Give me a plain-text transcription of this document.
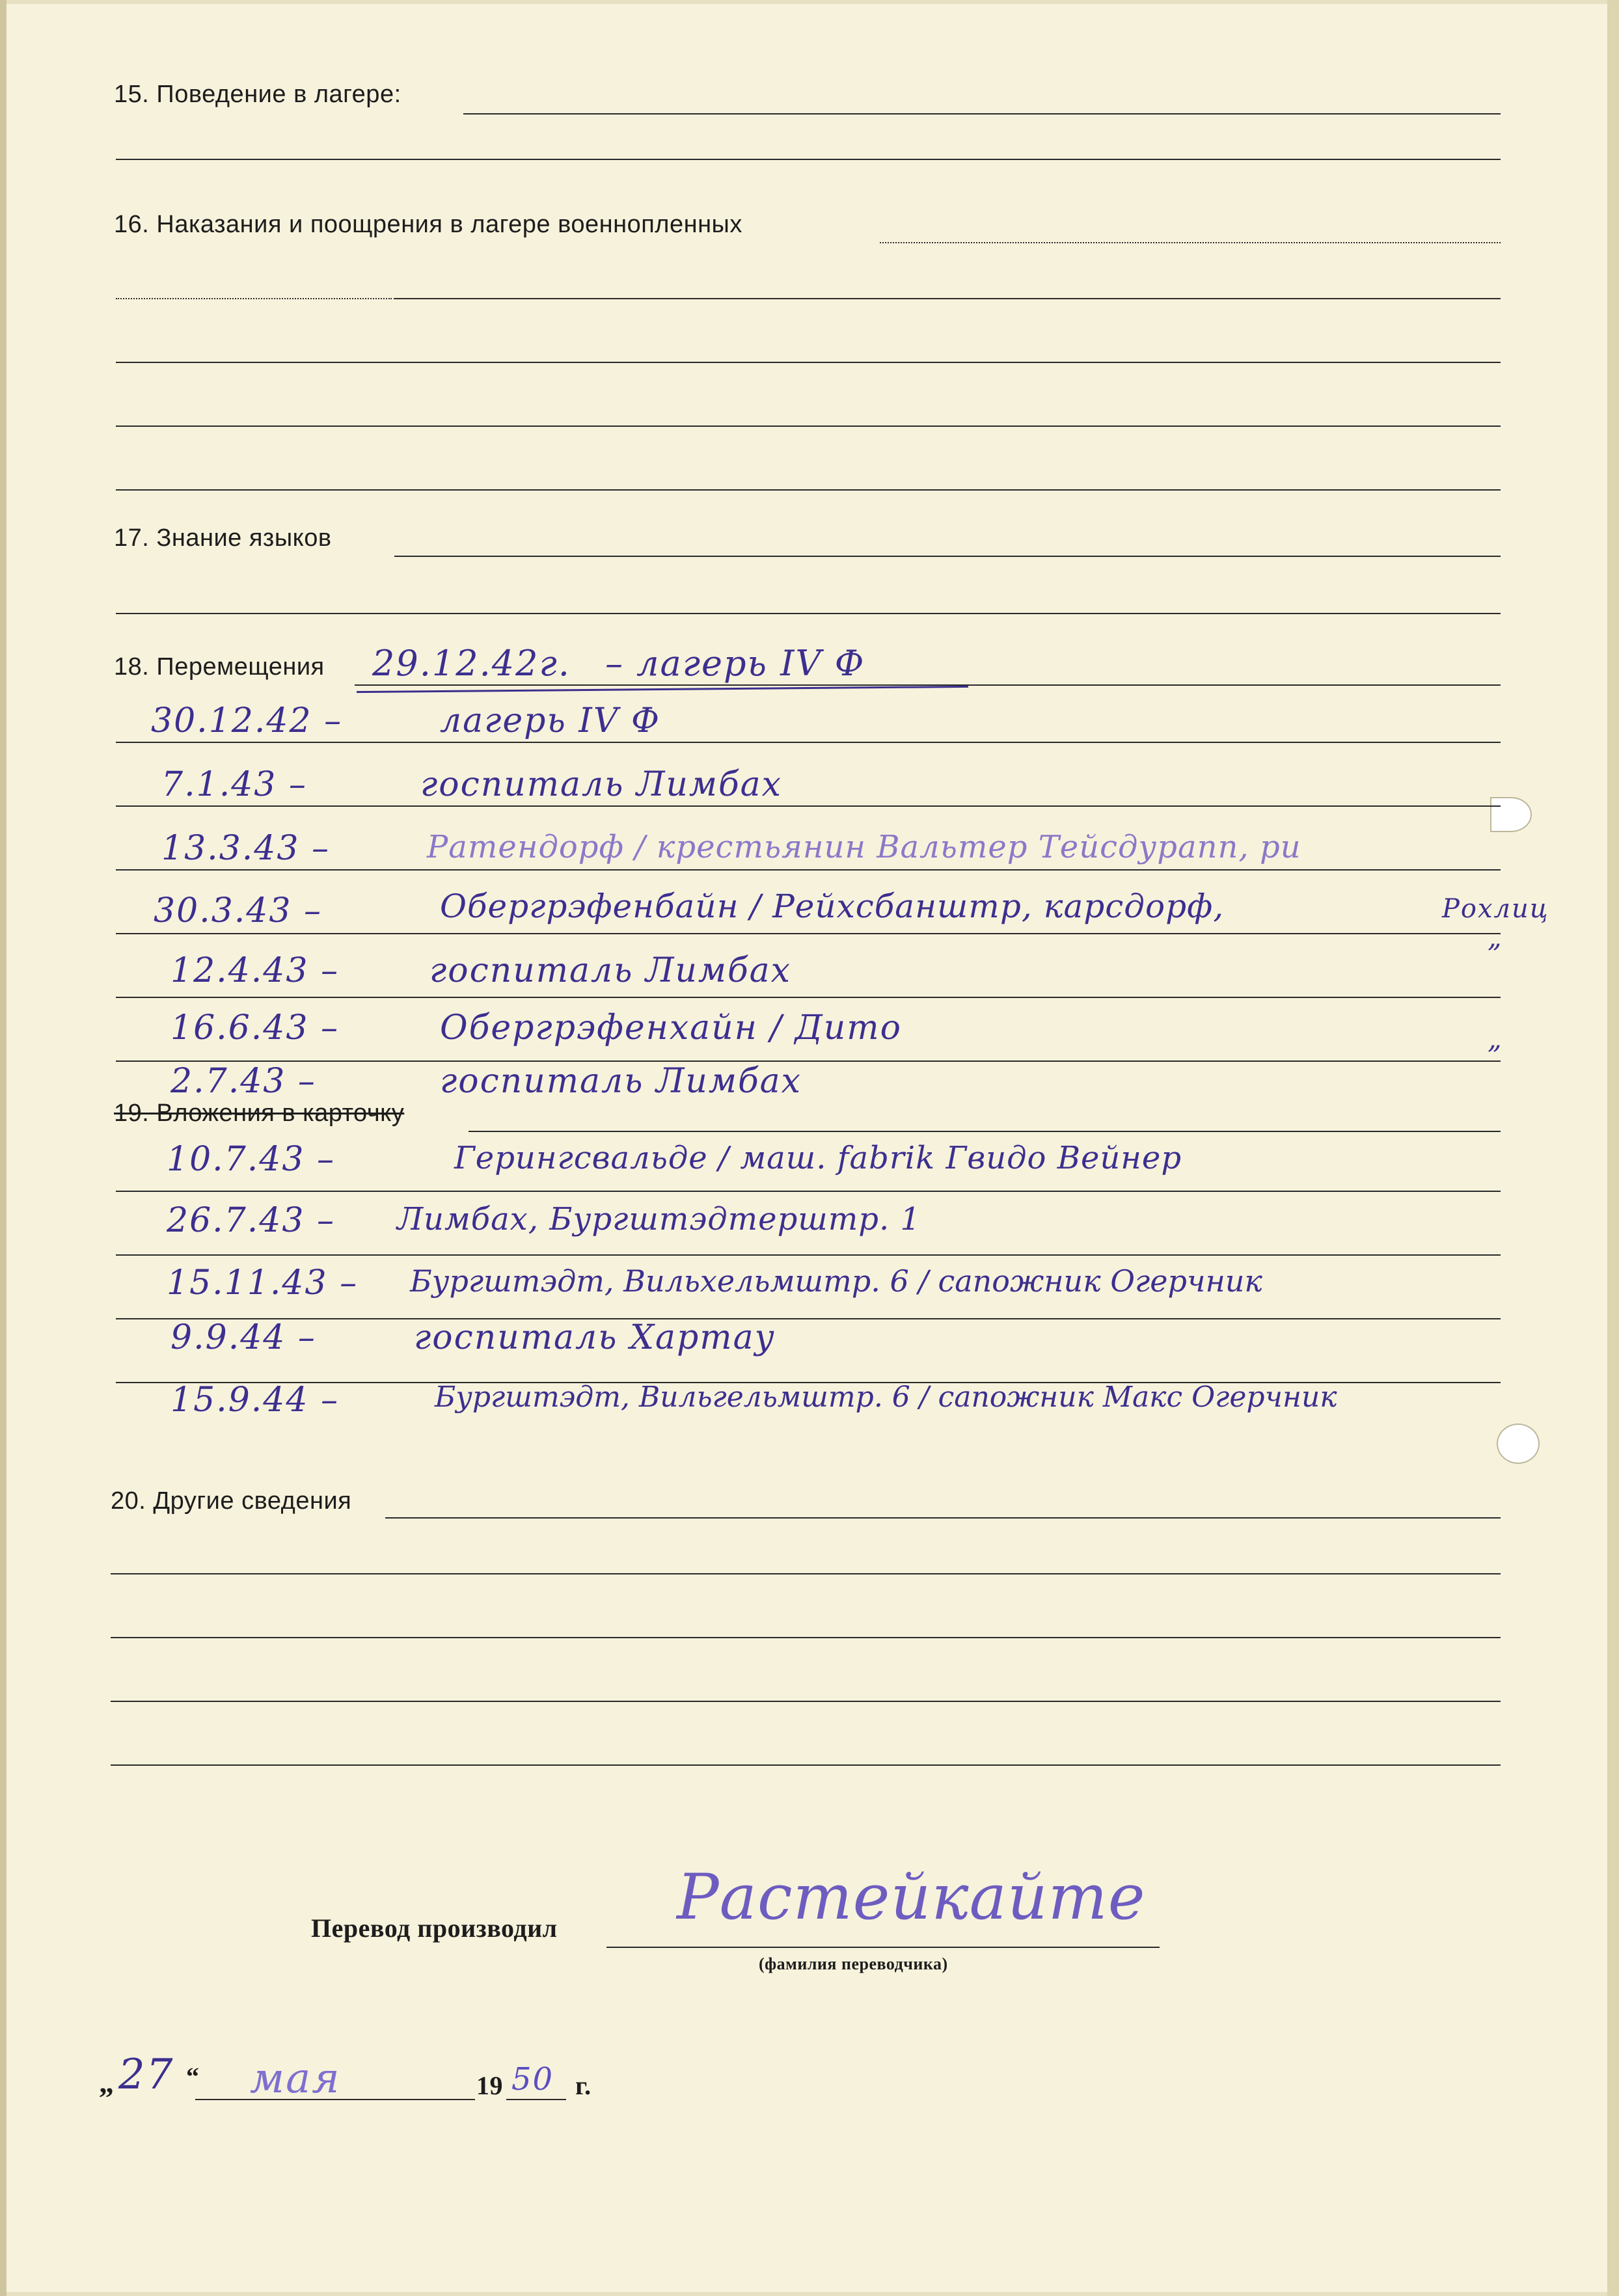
15. Поведение в лагере:
16. Наказания и поощрения в лагере военнопленных
17. Знание языков
18. Перемещения
19. Вложения в карточку
20. Другие сведения
Перевод производил
(фамилия переводчика)
„	“	19	г.
29.12.42г. – лагерь IV Ф
30.12.42 –	лагерь IV Ф
7.1.43 –	госпиталь Лимбах
13.3.43 –	Ратендорф / крестьянин Вальтер Тейсдурапп, ри
30.3.43 –	Обергрэфенбайн / Рейхсбанштр, карсдорф,	Рохлиц
„
12.4.43 –	госпиталь Лимбах
16.6.43 –	Обергрэфенхайн / Дито	„
2.7.43 –	госпиталь Лимбах
10.7.43 –	Герингсвальде / маш. fabrik Гвидо Вейнер
26.7.43 – Лимбах, Бургштэдтерштр. 1
15.11.43 – Бургштэдт, Вильхельмштр. 6 / сапожник Огерчник
9.9.44 –	госпиталь Хартау
15.9.44 –	Бургштэдт, Вильгельмштр. 6 / сапожник Макс Огерчник
Растейкайте
27 мая	50
